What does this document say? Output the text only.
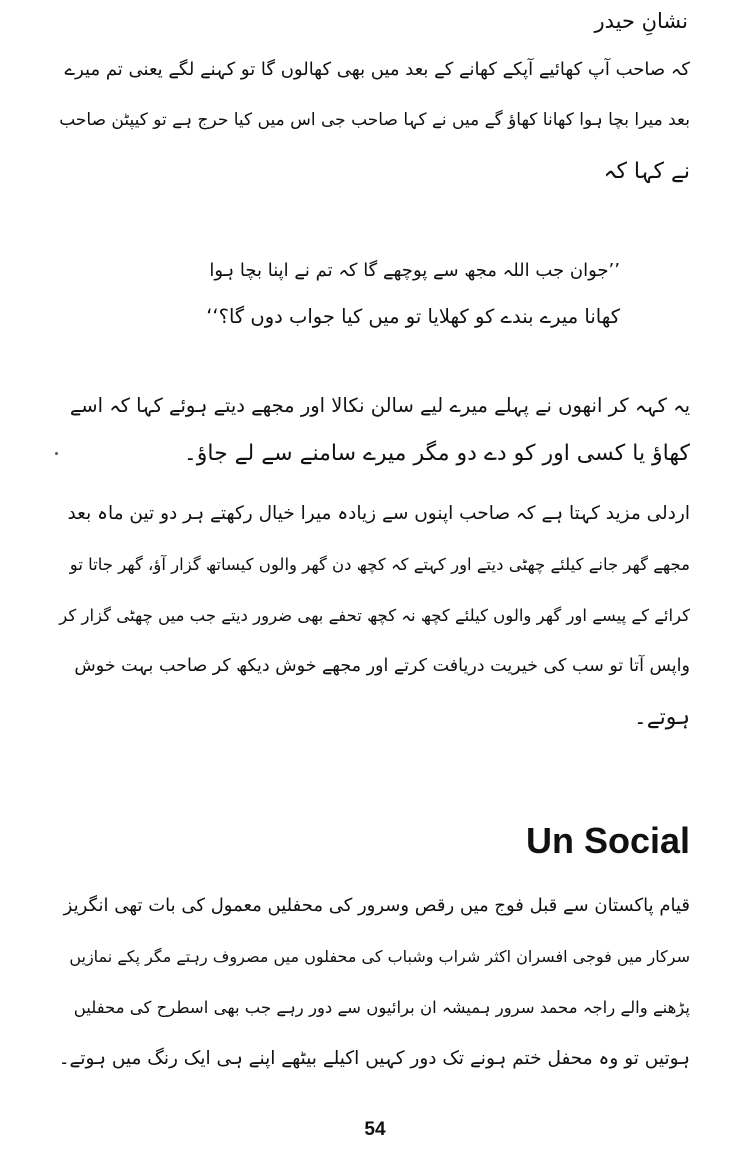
نشانِ حیدر
کہ صاحب آپ کھائیے آپکے کھانے کے بعد میں بھی کھالوں گا تو کہنے لگے یعنی تم میرے
بعد میرا بچا ہوا کھانا کھاؤ گے میں نے کہا صاحب جی اس میں کیا حرج ہے تو کیپٹن صاحب
نے کہا کہ
’’جوان جب اللہ مجھ سے پوچھے گا کہ تم نے اپنا بچا ہوا
کھانا میرے بندے کو کھلایا تو میں کیا جواب دوں گا؟‘‘
یہ کہہ کر انھوں نے پہلے میرے لیے سالن نکالا اور مجھے دیتے ہوئے کہا کہ اسے
کھاؤ یا کسی اور کو دے دو مگر میرے سامنے سے لے جاؤ۔
اردلی مزید کہتا ہے کہ صاحب اپنوں سے زیادہ میرا خیال رکھتے ہر دو تین ماہ بعد
مجھے گھر جانے کیلئے چھٹی دیتے اور کہتے کہ کچھ دن گھر والوں کیساتھ گزار آؤ، گھر جاتا تو
کرائے کے پیسے اور گھر والوں کیلئے کچھ نہ کچھ تحفے بھی ضرور دیتے جب میں چھٹی گزار کر
واپس آتا تو سب کی خیریت دریافت کرتے اور مجھے خوش دیکھ کر صاحب بہت خوش
ہوتے۔
Un Social
قیام پاکستان سے قبل فوج میں رقص وسرور کی محفلیں معمول کی بات تھی انگریز
سرکار میں فوجی افسران اکثر شراب وشباب کی محفلوں میں مصروف رہتے مگر پکے نمازیں
پڑھنے والے راجہ محمد سرور ہمیشہ ان برائیوں سے دور رہے جب بھی اسطرح کی محفلیں
ہوتیں تو وہ محفل ختم ہونے تک دور کہیں اکیلے بیٹھے اپنے ہی ایک رنگ میں ہوتے۔
54
